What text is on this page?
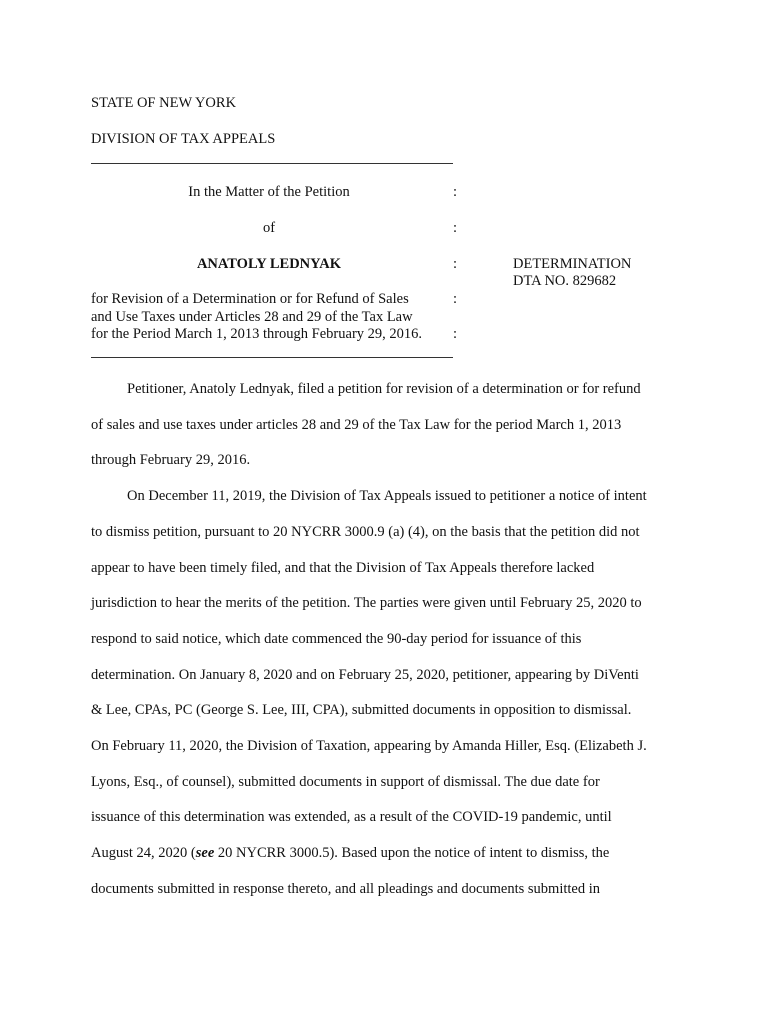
STATE OF NEW YORK
DIVISION OF TAX APPEALS
In the Matter of the Petition	:
of	:
ANATOLY LEDNYAK	:	DETERMINATION
DTA NO. 829682
for Revision of a Determination or for Refund of Sales	:
and Use Taxes under Articles 28 and 29 of the Tax Law
for the Period March 1, 2013 through February 29, 2016. :
Petitioner, Anatoly Lednyak, filed a petition for revision of a determination or for refund
of sales and use taxes under articles 28 and 29 of the Tax Law for the period March 1, 2013
through February 29, 2016.
On December 11, 2019, the Division of Tax Appeals issued to petitioner a notice of intent
to dismiss petition, pursuant to 20 NYCRR 3000.9 (a) (4), on the basis that the petition did not
appear to have been timely filed, and that the Division of Tax Appeals therefore lacked
jurisdiction to hear the merits of the petition. The parties were given until February 25, 2020 to
respond to said notice, which date commenced the 90-day period for issuance of this
determination. On January 8, 2020 and on February 25, 2020, petitioner, appearing by DiVenti
& Lee, CPAs, PC (George S. Lee, III, CPA), submitted documents in opposition to dismissal.
On February 11, 2020, the Division of Taxation, appearing by Amanda Hiller, Esq. (Elizabeth J.
Lyons, Esq., of counsel), submitted documents in support of dismissal. The due date for
issuance of this determination was extended, as a result of the COVID-19 pandemic, until
August 24, 2020 (see 20 NYCRR 3000.5). Based upon the notice of intent to dismiss, the
documents submitted in response thereto, and all pleadings and documents submitted in
